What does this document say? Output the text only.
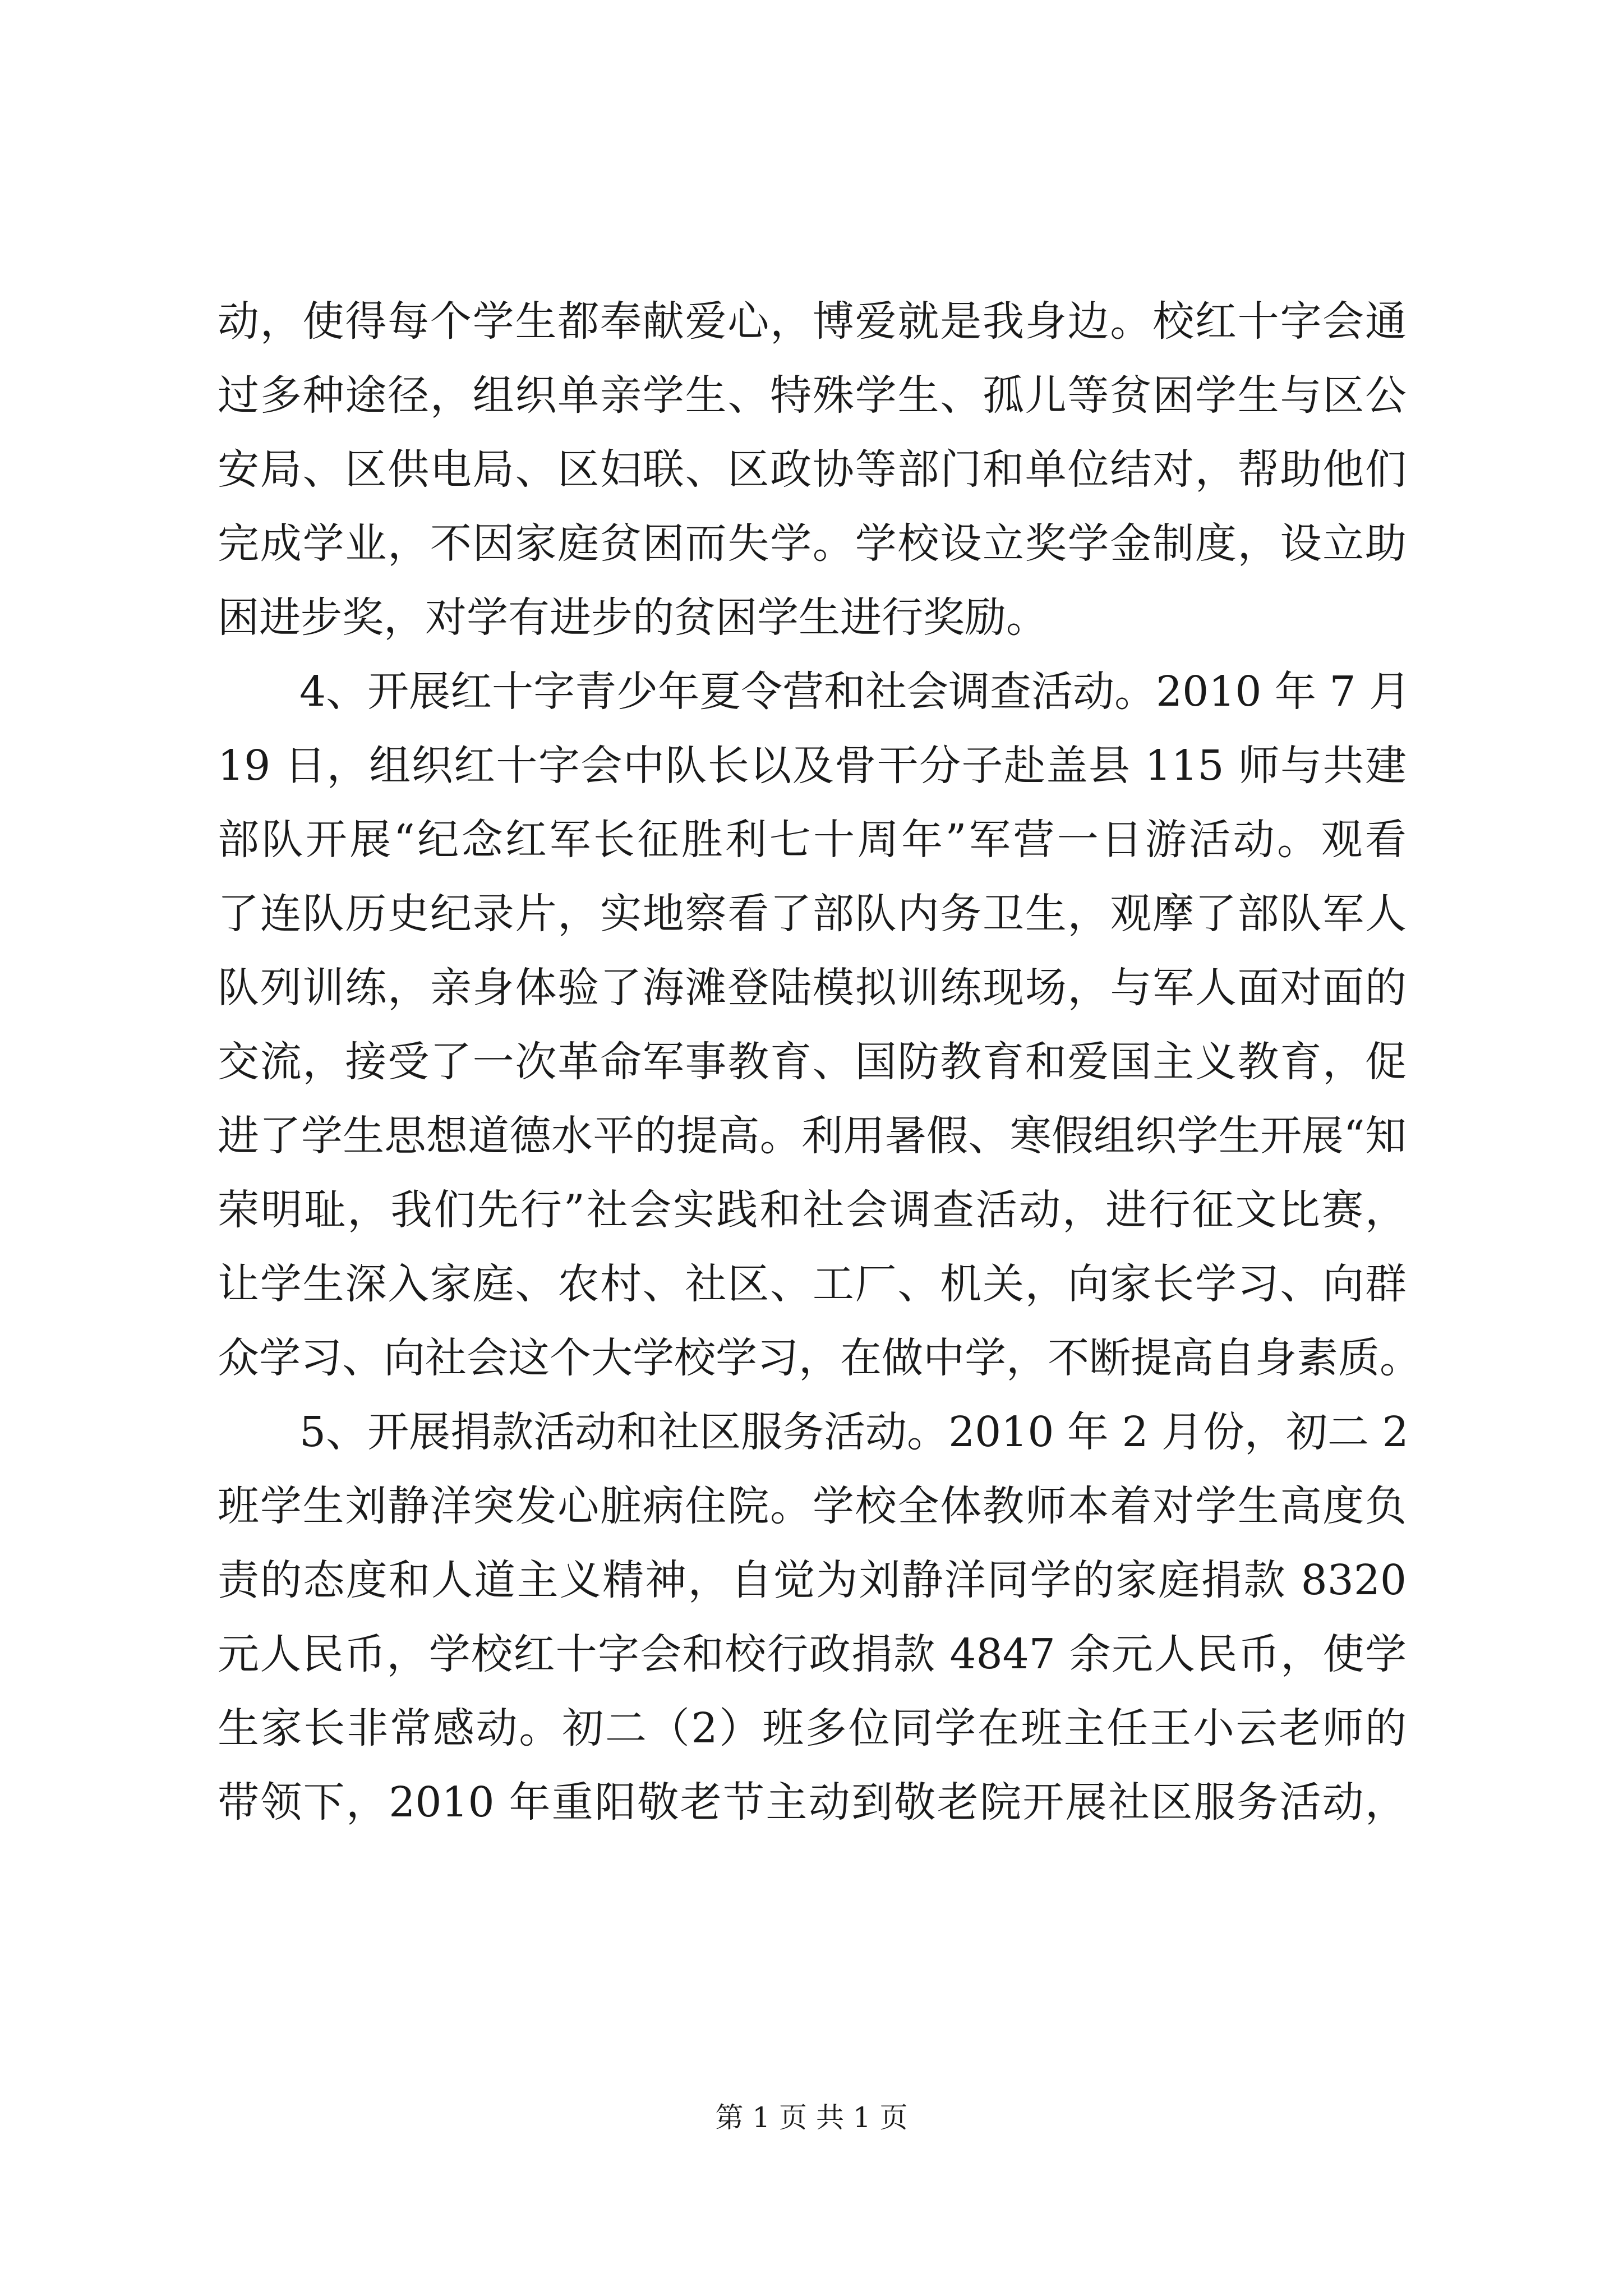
动，使得每个学生都奉献爱心，博爱就是我身边。校红十字会通

过多种途径，组织单亲学生、特殊学生、孤儿等贫困学生与区公

安局、区供电局、区妇联、区政协等部门和单位结对，帮助他们

完成学业，不因家庭贫困而失学。学校设立奖学金制度，设立助

困进步奖，对学有进步的贫困学生进行奖励。

4、开展红十字青少年夏令营和社会调查活动。2010 年 7 月

19 日，组织红十字会中队长以及骨干分子赴盖县 115 师与共建

部队开展“纪念红军长征胜利七十周年”军营一日游活动。观看

了连队历史纪录片，实地察看了部队内务卫生，观摩了部队军人

队列训练，亲身体验了海滩登陆模拟训练现场，与军人面对面的

交流，接受了一次革命军事教育、国防教育和爱国主义教育，促

进了学生思想道德水平的提高。利用暑假、寒假组织学生开展“知

荣明耻，我们先行”社会实践和社会调查活动，进行征文比赛，

让学生深入家庭、农村、社区、工厂、机关，向家长学习、向群

众学习、向社会这个大学校学习，在做中学，不断提高自身素质。

5、开展捐款活动和社区服务活动。2010 年 2 月份，初二 2

班学生刘静洋突发心脏病住院。学校全体教师本着对学生高度负

责的态度和人道主义精神，自觉为刘静洋同学的家庭捐款 8320

元人民币，学校红十字会和校行政捐款 4847 余元人民币，使学

生家长非常感动。初二（2）班多位同学在班主任王小云老师的

带领下，2010 年重阳敬老节主动到敬老院开展社区服务活动，

第 1 页 共 1 页
